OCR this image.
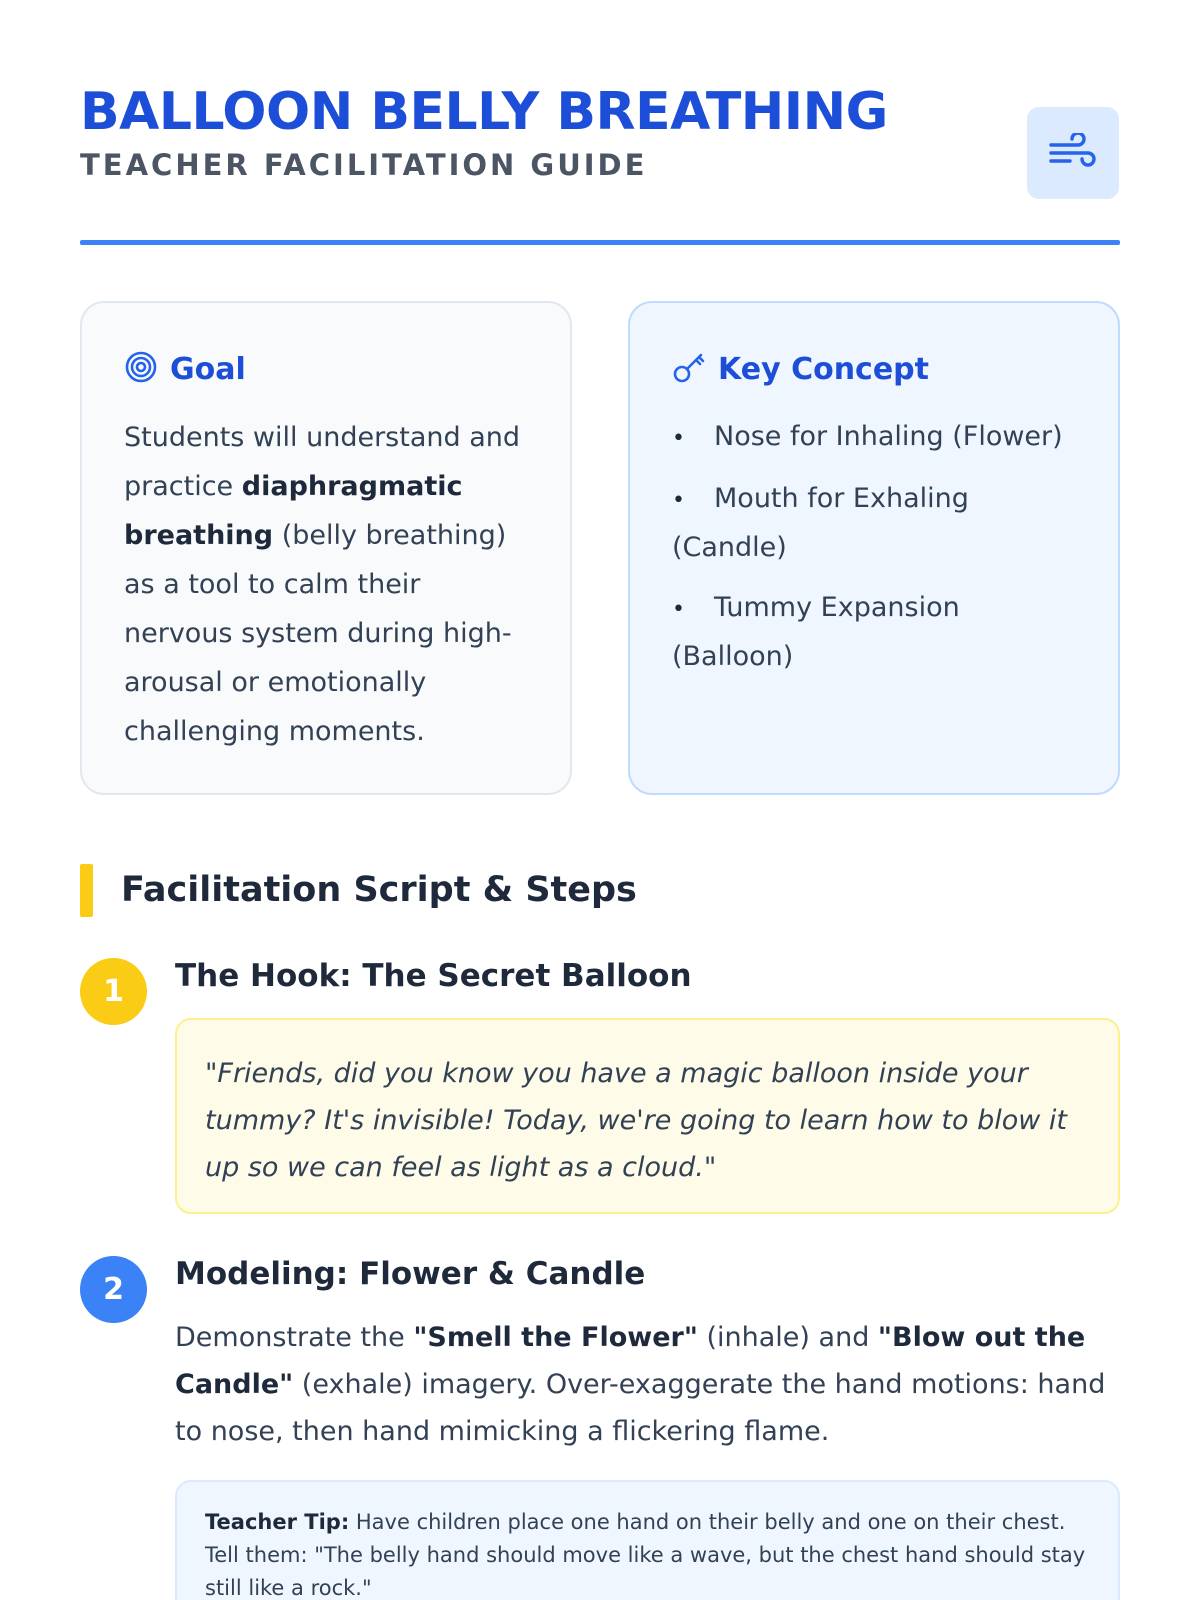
BALLOON BELLY BREATHING
TEACHER FACILITATION GUIDE
Goal

Students will understand and practice diaphragmatic breathing (belly breathing) as a tool to calm their nervous system during high-arousal or emotionally challenging moments.

Key Concept
• Nose for Inhaling (Flower)
• Mouth for Exhaling (Candle)
• Tummy Expansion (Balloon)
Facilitation Script & Steps
1	The Hook: The Secret Balloon

"Friends, did you know you have a magic balloon inside your tummy? It's invisible! Today, we're going to learn how to blow it up so we can feel as light as a cloud."

2	Modeling: Flower & Candle

Demonstrate the "Smell the Flower" (inhale) and "Blow out the Candle" (exhale) imagery. Over-exaggerate the hand motions: hand to nose, then hand mimicking a flickering flame.

Teacher Tip: Have children place one hand on their belly and one on their chest. Tell them: "The belly hand should move like a wave, but the chest hand should stay still like a rock."
